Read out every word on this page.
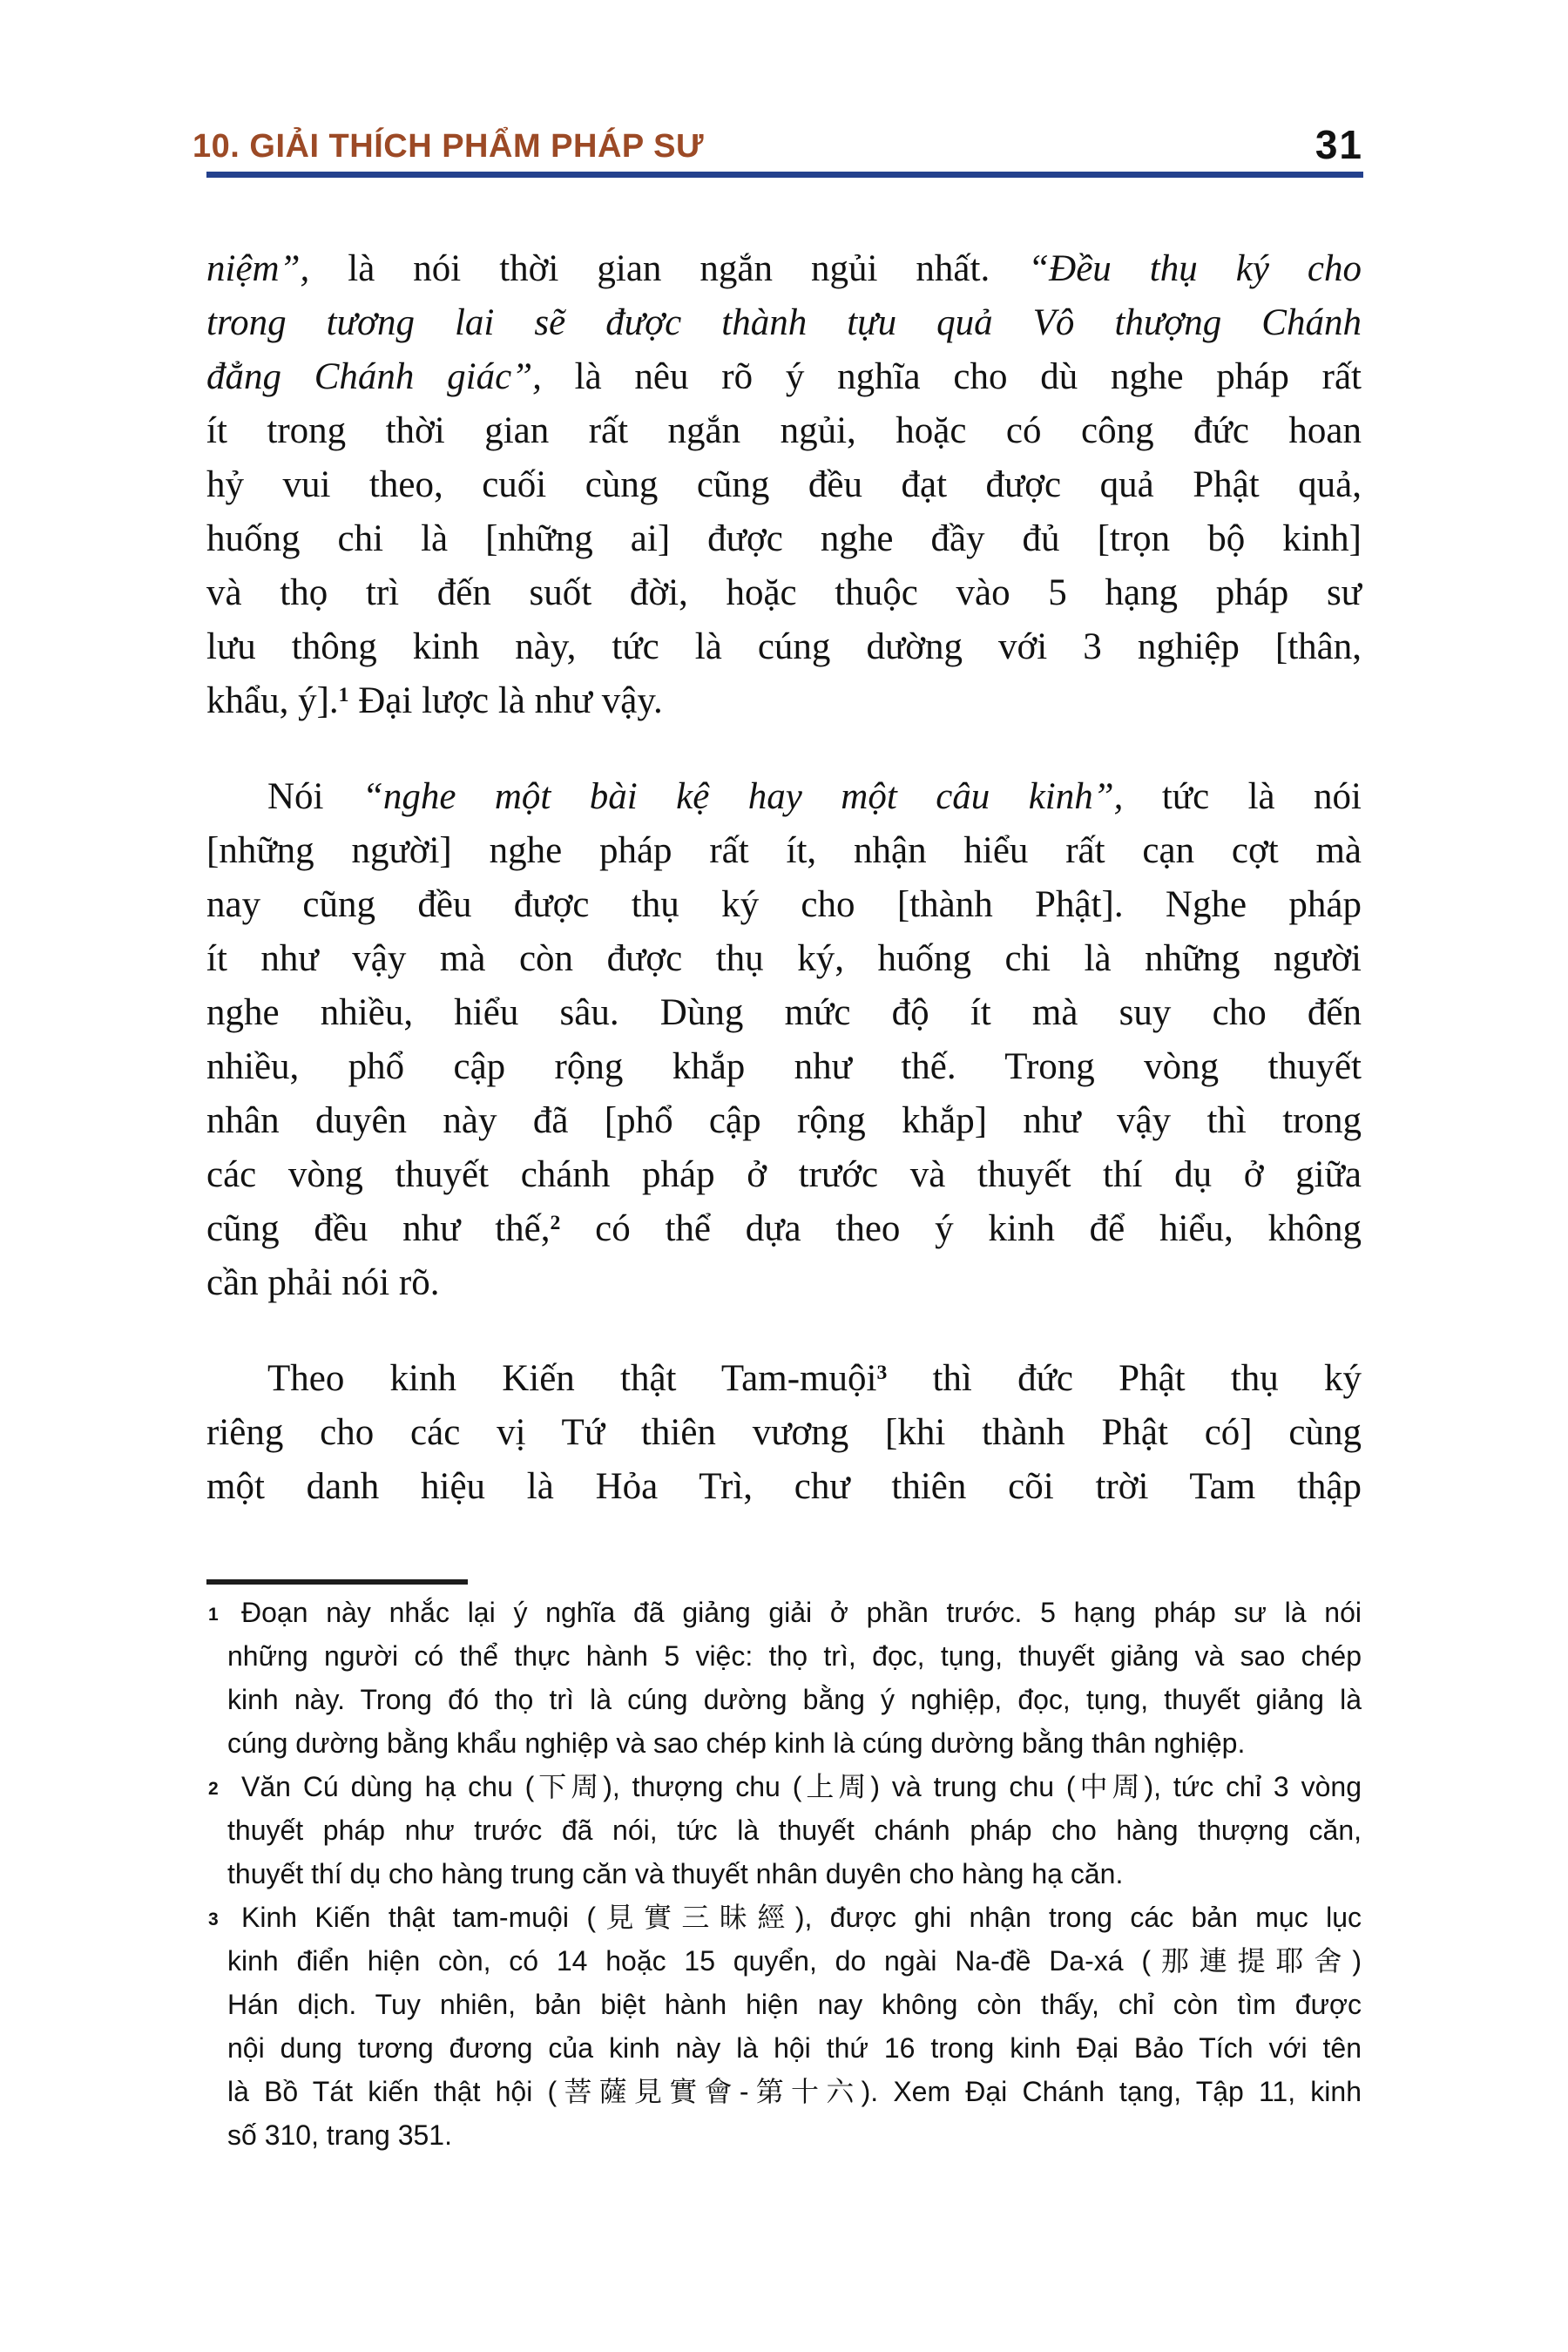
10. GIẢI THÍCH PHẨM PHÁP SƯ	31
niệm”, là nói thời gian ngắn ngủi nhất. “Đều thụ ký cho
trong tương lai sẽ được thành tựu quả Vô thượng Chánh
đẳng Chánh giác”, là nêu rõ ý nghĩa cho dù nghe pháp rất
ít trong thời gian rất ngắn ngủi, hoặc có công đức hoan
hỷ vui theo, cuối cùng cũng đều đạt được quả Phật quả,
huống chi là [những ai] được nghe đầy đủ [trọn bộ kinh]
và thọ trì đến suốt đời, hoặc thuộc vào 5 hạng pháp sư
lưu thông kinh này, tức là cúng dường với 3 nghiệp [thân,
khẩu, ý].$^1$ Đại lược là như vậy.
Nói “nghe một bài kệ hay một câu kinh”, tức là nói
[những người] nghe pháp rất ít, nhận hiểu rất cạn cợt mà
nay cũng đều được thụ ký cho [thành Phật]. Nghe pháp
ít như vậy mà còn được thụ ký, huống chi là những người
nghe nhiều, hiểu sâu. Dùng mức độ ít mà suy cho đến
nhiều, phổ cập rộng khắp như thế. Trong vòng thuyết
nhân duyên này đã [phổ cập rộng khắp] như vậy thì trong
các vòng thuyết chánh pháp ở trước và thuyết thí dụ ở giữa
cũng đều như thế,$^2$ có thể dựa theo ý kinh để hiểu, không
cần phải nói rõ.
Theo kinh Kiến thật Tam-muội$^3$ thì đức Phật thụ ký
riêng cho các vị Tứ thiên vương [khi thành Phật có] cùng
một danh hiệu là Hỏa Trì, chư thiên cõi trời Tam thập
1 Đoạn này nhắc lại ý nghĩa đã giảng giải ở phần trước. 5 hạng pháp sư là nói
những người có thể thực hành 5 việc: thọ trì, đọc, tụng, thuyết giảng và sao chép
kinh này. Trong đó thọ trì là cúng dường bằng ý nghiệp, đọc, tụng, thuyết giảng là
cúng dường bằng khẩu nghiệp và sao chép kinh là cúng dường bằng thân nghiệp.
2 Văn Cú dùng hạ chu (下周), thượng chu (上周) và trung chu (中周), tức chỉ 3 vòng
thuyết pháp như trước đã nói, tức là thuyết chánh pháp cho hàng thượng căn,
thuyết thí dụ cho hàng trung căn và thuyết nhân duyên cho hàng hạ căn.
3 Kinh Kiến thật tam-muội (見實三昧經), được ghi nhận trong các bản mục lục
kinh điển hiện còn, có 14 hoặc 15 quyển, do ngài Na-đề Da-xá (那連提耶舍)
Hán dịch. Tuy nhiên, bản biệt hành hiện nay không còn thấy, chỉ còn tìm được
nội dung tương đương của kinh này là hội thứ 16 trong kinh Đại Bảo Tích với tên
là Bồ Tát kiến thật hội (菩薩見實會-第十六). Xem Đại Chánh tạng, Tập 11, kinh
số 310, trang 351.
